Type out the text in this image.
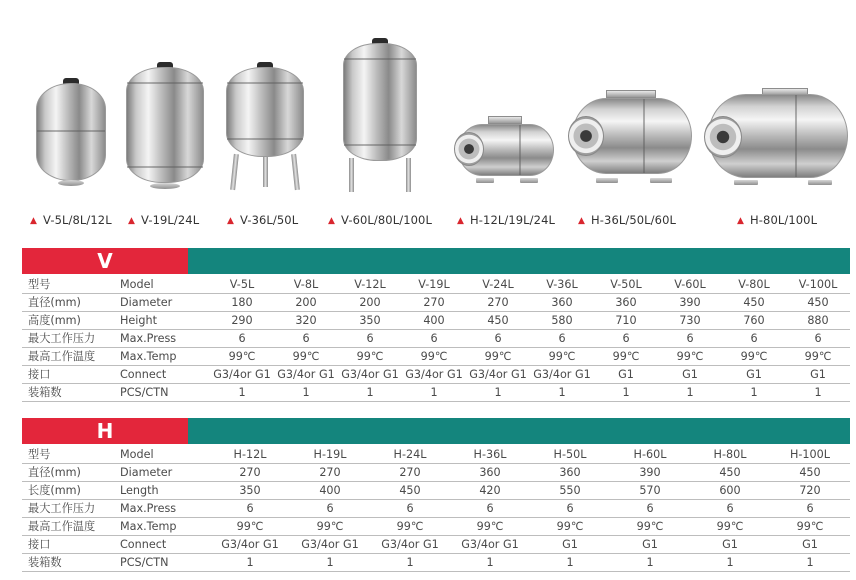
▲ V-5L/8L/12L ▲ V-19L/24L	▲ V-36L/50L	▲ V-60L/80L/100L	▲ H-12L/19L/24L	▲ H-36L/50L/60L	▲ H-80L/100L
V
型号	Model	V-5L	V-8L	V-12L	V-19L	V-24L	V-36L	V-50L	V-60L	V-80L	V-100L
直径(mm)	Diameter	180	200	200	270	270	360	360	390	450	450
高度(mm)	Height	290	320	350	400	450	580	710	730	760	880
最大工作压力	Max.Press	6	6	6	6	6	6	6	6	6	6
最高工作温度	Max.Temp	99℃	99℃	99℃	99℃	99℃	99℃	99℃	99℃	99℃	99℃
接口	Connect	G3/4or G1	G3/4or G1	G3/4or G1	G3/4or G1	G3/4or G1	G3/4or G1	G1	G1	G1	G1
装箱数	PCS/CTN	1	1	1	1	1	1	1	1	1	1
H
型号	Model	H-12L	H-19L	H-24L	H-36L	H-50L	H-60L	H-80L	H-100L
直径(mm)	Diameter	270	270	270	360	360	390	450	450
长度(mm)	Length	350	400	450	420	550	570	600	720
最大工作压力	Max.Press	6	6	6	6	6	6	6	6
最高工作温度	Max.Temp	99℃	99℃	99℃	99℃	99℃	99℃	99℃	99℃
接口	Connect	G3/4or G1	G3/4or G1	G3/4or G1	G3/4or G1	G1	G1	G1	G1
装箱数	PCS/CTN	1	1	1	1	1	1	1	1
